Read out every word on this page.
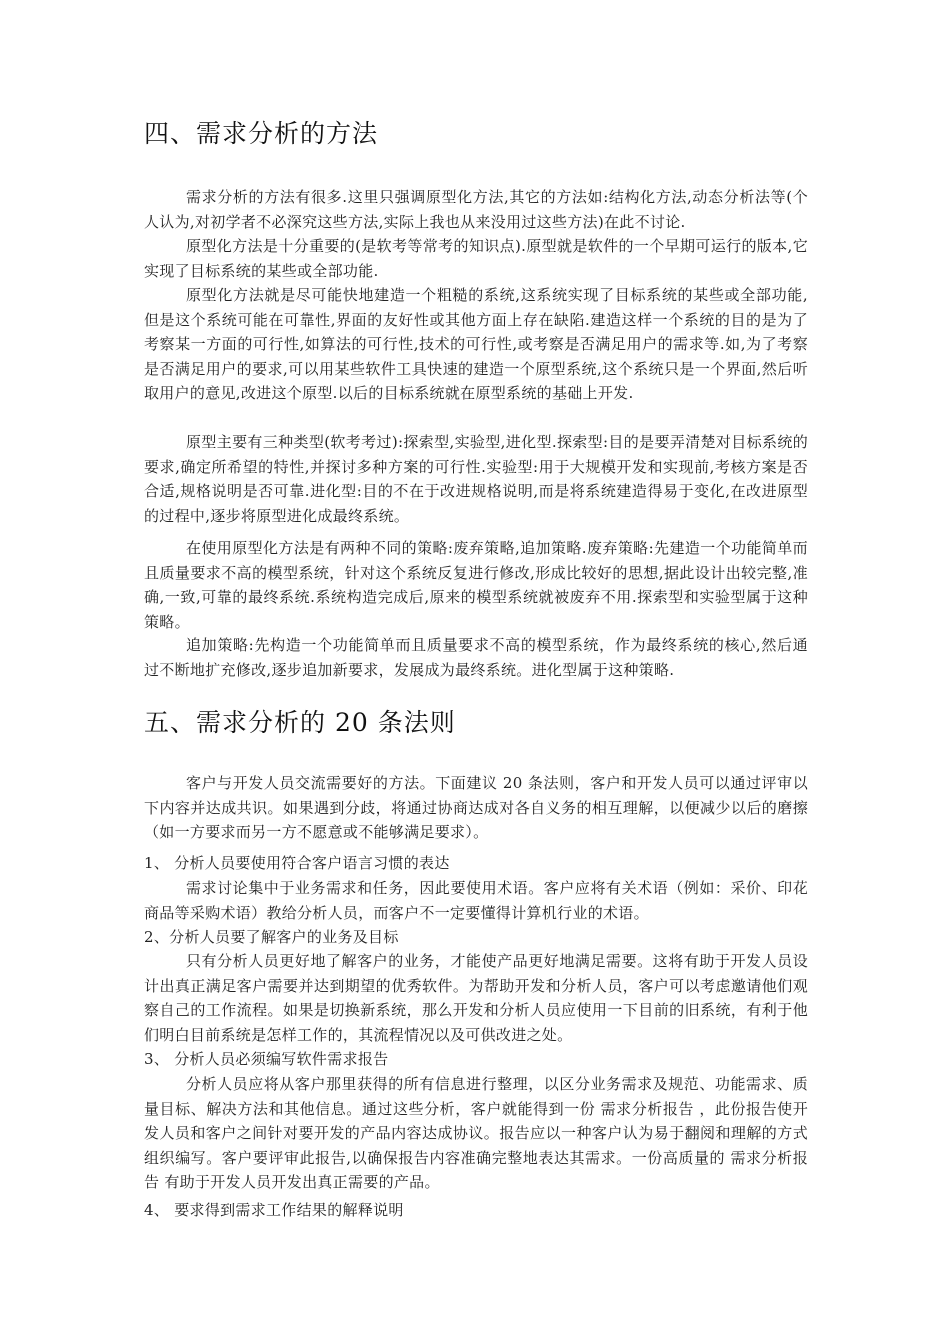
四、需求分析的方法

需求分析的方法有很多.这里只强调原型化方法,其它的方法如:结构化方法,动态分析法等(个人认为,对初学者不必深究这些方法,实际上我也从来没用过这些方法)在此不讨论.

原型化方法是十分重要的(是软考等常考的知识点).原型就是软件的一个早期可运行的版本,它实现了目标系统的某些或全部功能.

原型化方法就是尽可能快地建造一个粗糙的系统,这系统实现了目标系统的某些或全部功能,但是这个系统可能在可靠性,界面的友好性或其他方面上存在缺陷.建造这样一个系统的目的是为了考察某一方面的可行性,如算法的可行性,技术的可行性,或考察是否满足用户的需求等.如,为了考察是否满足用户的要求,可以用某些软件工具快速的建造一个原型系统,这个系统只是一个界面,然后听取用户的意见,改进这个原型.以后的目标系统就在原型系统的基础上开发.

原型主要有三种类型(软考考过):探索型,实验型,进化型.探索型:目的是要弄清楚对目标系统的要求,确定所希望的特性,并探讨多种方案的可行性.实验型:用于大规模开发和实现前,考核方案是否合适,规格说明是否可靠.进化型:目的不在于改进规格说明,而是将系统建造得易于变化,在改进原型的过程中,逐步将原型进化成最终系统。

在使用原型化方法是有两种不同的策略:废弃策略,追加策略.废弃策略:先建造一个功能简单而且质量要求不高的模型系统，针对这个系统反复进行修改,形成比较好的思想,据此设计出较完整,准确,一致,可靠的最终系统.系统构造完成后,原来的模型系统就被废弃不用.探索型和实验型属于这种策略。

追加策略:先构造一个功能简单而且质量要求不高的模型系统，作为最终系统的核心,然后通过不断地扩充修改,逐步追加新要求，发展成为最终系统。进化型属于这种策略.

五、需求分析的 20 条法则

客户与开发人员交流需要好的方法。下面建议 20 条法则，客户和开发人员可以通过评审以下内容并达成共识。如果遇到分歧，将通过协商达成对各自义务的相互理解，以便减少以后的磨擦（如一方要求而另一方不愿意或不能够满足要求）。

1、 分析人员要使用符合客户语言习惯的表达

需求讨论集中于业务需求和任务，因此要使用术语。客户应将有关术语（例如：采价、印花商品等采购术语）教给分析人员，而客户不一定要懂得计算机行业的术语。

2、分析人员要了解客户的业务及目标

只有分析人员更好地了解客户的业务，才能使产品更好地满足需要。这将有助于开发人员设计出真正满足客户需要并达到期望的优秀软件。为帮助开发和分析人员，客户可以考虑邀请他们观察自己的工作流程。如果是切换新系统，那么开发和分析人员应使用一下目前的旧系统，有利于他们明白目前系统是怎样工作的，其流程情况以及可供改进之处。

3、 分析人员必须编写软件需求报告

分析人员应将从客户那里获得的所有信息进行整理，以区分业务需求及规范、功能需求、质量目标、解决方法和其他信息。通过这些分析，客户就能得到一份 需求分析报告 ，此份报告使开发人员和客户之间针对要开发的产品内容达成协议。报告应以一种客户认为易于翻阅和理解的方式组织编写。客户要评审此报告,以确保报告内容准确完整地表达其需求。一份高质量的 需求分析报告 有助于开发人员开发出真正需要的产品。

4、 要求得到需求工作结果的解释说明
